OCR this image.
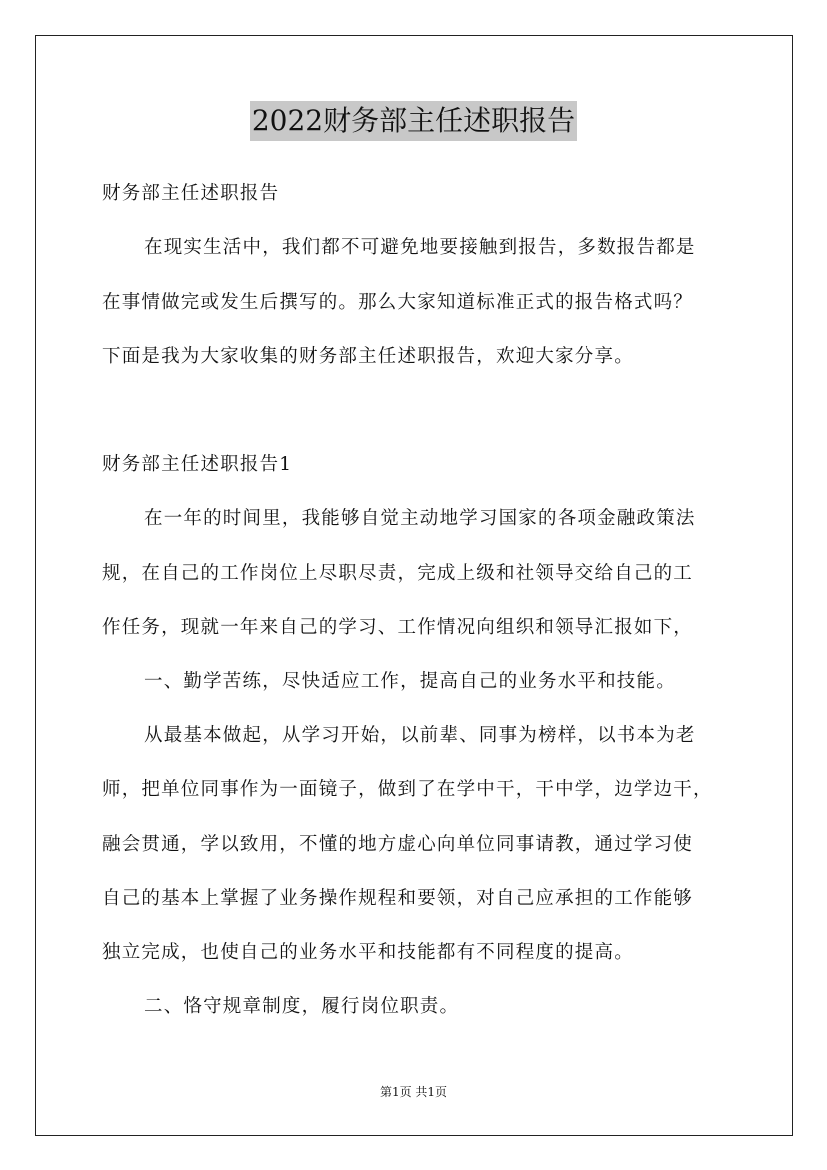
2022财务部主任述职报告
财务部主任述职报告
在现实生活中，我们都不可避免地要接触到报告，多数报告都是
在事情做完或发生后撰写的。那么大家知道标准正式的报告格式吗？
下面是我为大家收集的财务部主任述职报告，欢迎大家分享。
财务部主任述职报告1
在一年的时间里，我能够自觉主动地学习国家的各项金融政策法
规，在自己的工作岗位上尽职尽责，完成上级和社领导交给自己的工
作任务，现就一年来自己的学习、工作情况向组织和领导汇报如下，
一、勤学苦练，尽快适应工作，提高自己的业务水平和技能。
从最基本做起，从学习开始，以前辈、同事为榜样，以书本为老
师，把单位同事作为一面镜子，做到了在学中干，干中学，边学边干，
融会贯通，学以致用，不懂的地方虚心向单位同事请教，通过学习使
自己的基本上掌握了业务操作规程和要领，对自己应承担的工作能够
独立完成，也使自己的业务水平和技能都有不同程度的提高。
二、恪守规章制度，履行岗位职责。
第1页 共1页
